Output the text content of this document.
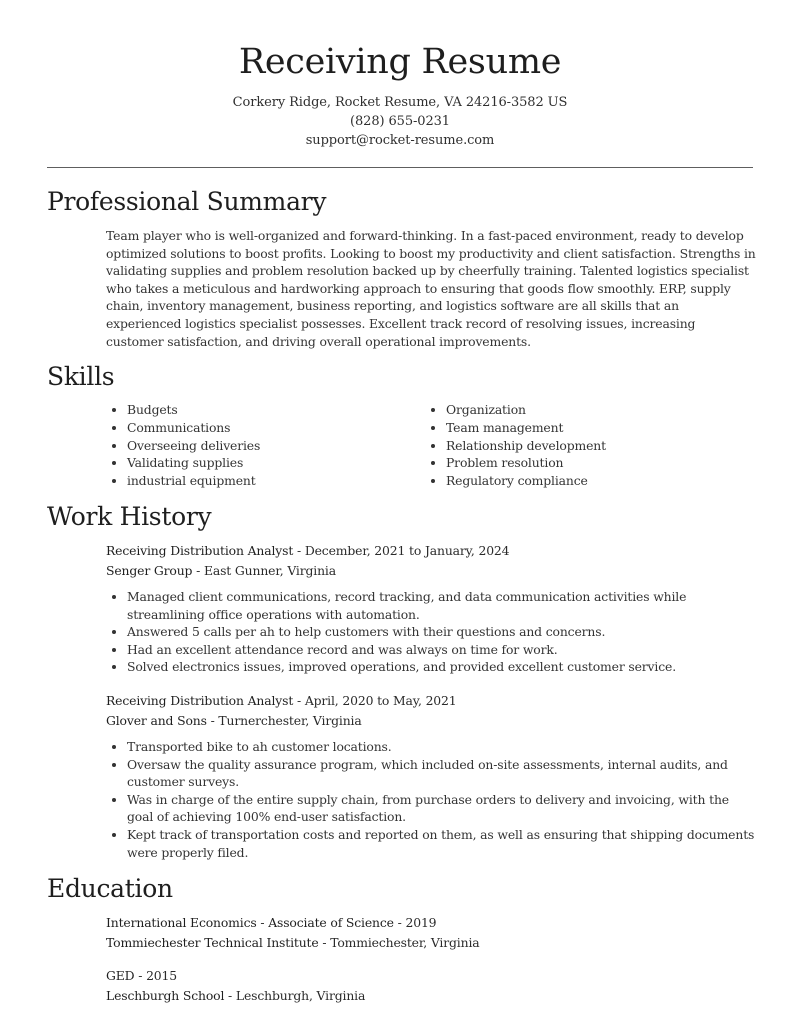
Receiving Resume
Corkery Ridge, Rocket Resume, VA 24216-3582 US
(828) 655-0231
support@rocket-resume.com
Professional Summary
Team player who is well-organized and forward-thinking. In a fast-paced environment, ready to develop optimized solutions to boost profits. Looking to boost my productivity and client satisfaction. Strengths in validating supplies and problem resolution backed up by cheerfully training. Talented logistics specialist who takes a meticulous and hardworking approach to ensuring that goods flow smoothly. ERP, supply chain, inventory management, business reporting, and logistics software are all skills that an experienced logistics specialist possesses. Excellent track record of resolving issues, increasing customer satisfaction, and driving overall operational improvements.
Skills
Budgets
Communications
Overseeing deliveries
Validating supplies
industrial equipment
Organization
Team management
Relationship development
Problem resolution
Regulatory compliance
Work History
Receiving Distribution Analyst - December, 2021 to January, 2024
Senger Group - East Gunner, Virginia
Managed client communications, record tracking, and data communication activities while streamlining office operations with automation.
Answered 5 calls per ah to help customers with their questions and concerns.
Had an excellent attendance record and was always on time for work.
Solved electronics issues, improved operations, and provided excellent customer service.
Receiving Distribution Analyst - April, 2020 to May, 2021
Glover and Sons - Turnerchester, Virginia
Transported bike to ah customer locations.
Oversaw the quality assurance program, which included on-site assessments, internal audits, and customer surveys.
Was in charge of the entire supply chain, from purchase orders to delivery and invoicing, with the goal of achieving 100% end-user satisfaction.
Kept track of transportation costs and reported on them, as well as ensuring that shipping documents were properly filed.
Education
International Economics - Associate of Science - 2019
Tommiechester Technical Institute - Tommiechester, Virginia
GED - 2015
Leschburgh School - Leschburgh, Virginia
